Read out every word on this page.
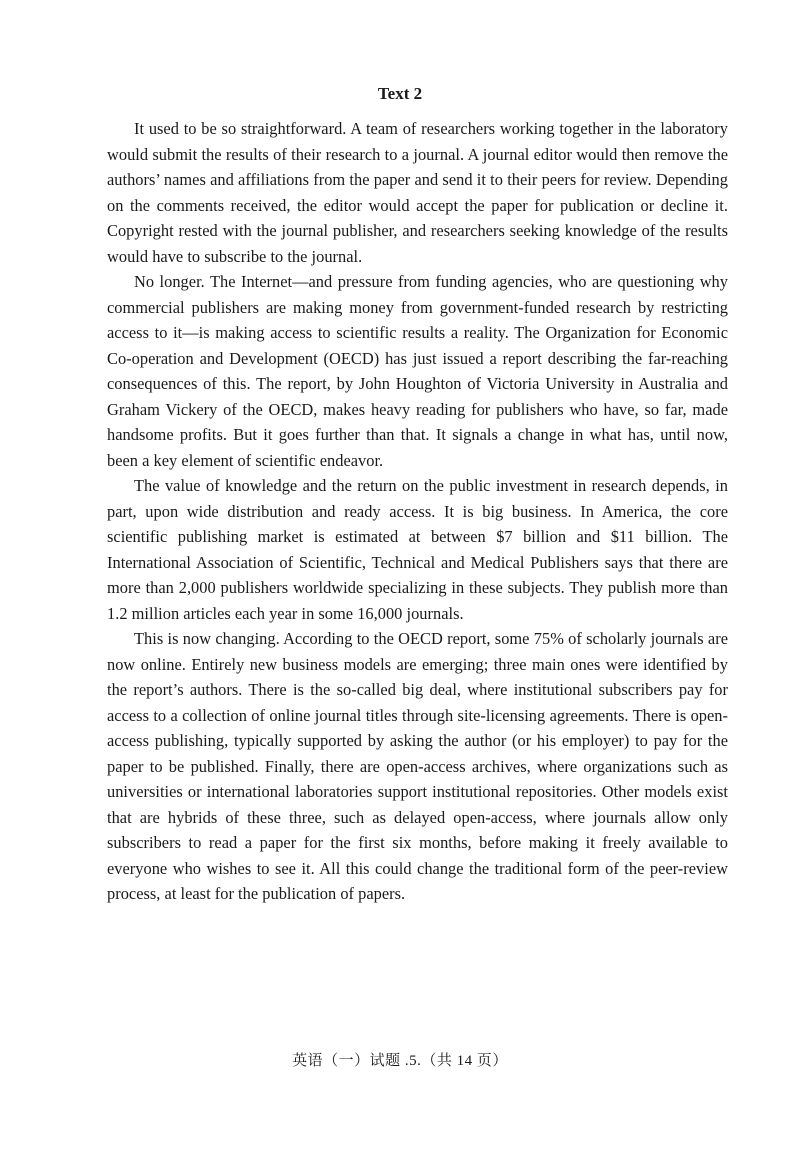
Text 2

It used to be so straightforward. A team of researchers working together in the laboratory would submit the results of their research to a journal. A journal editor would then remove the authors’ names and affiliations from the paper and send it to their peers for review. Depending on the comments received, the editor would accept the paper for publication or decline it. Copyright rested with the journal publisher, and researchers seeking knowledge of the results would have to subscribe to the journal.

No longer. The Internet—and pressure from funding agencies, who are questioning why commercial publishers are making money from government-funded research by restricting access to it—is making access to scientific results a reality. The Organization for Economic Co-operation and Development (OECD) has just issued a report describing the far-reaching consequences of this. The report, by John Houghton of Victoria University in Australia and Graham Vickery of the OECD, makes heavy reading for publishers who have, so far, made handsome profits. But it goes further than that. It signals a change in what has, until now, been a key element of scientific endeavor.

The value of knowledge and the return on the public investment in research depends, in part, upon wide distribution and ready access. It is big business. In America, the core scientific publishing market is estimated at between $7 billion and $11 billion. The International Association of Scientific, Technical and Medical Publishers says that there are more than 2,000 publishers worldwide specializing in these subjects. They publish more than 1.2 million articles each year in some 16,000 journals.

This is now changing. According to the OECD report, some 75% of scholarly journals are now online. Entirely new business models are emerging; three main ones were identified by the report’s authors. There is the so-called big deal, where institutional subscribers pay for access to a collection of online journal titles through site-licensing agreements. There is open-access publishing, typically supported by asking the author (or his employer) to pay for the paper to be published. Finally, there are open-access archives, where organizations such as universities or international laboratories support institutional repositories. Other models exist that are hybrids of these three, such as delayed open-access, where journals allow only subscribers to read a paper for the first six months, before making it freely available to everyone who wishes to see it. All this could change the traditional form of the peer-review process, at least for the publication of papers.

英语（一）试题 .5.（共 14 页）
